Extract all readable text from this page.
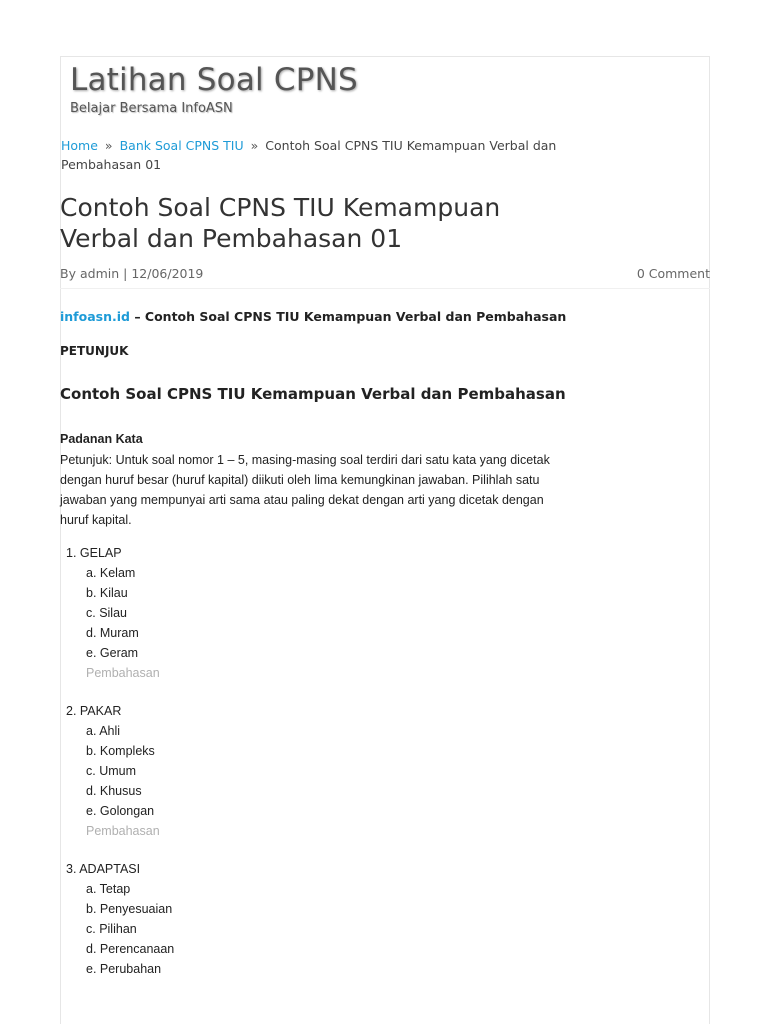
Latihan Soal CPNS
Belajar Bersama InfoASN
Home » Bank Soal CPNS TIU » Contoh Soal CPNS TIU Kemampuan Verbal dan Pembahasan 01
Contoh Soal CPNS TIU Kemampuan Verbal dan Pembahasan 01
By admin | 12/06/2019	0 Comment
infoasn.id – Contoh Soal CPNS TIU Kemampuan Verbal dan Pembahasan
PETUNJUK
Contoh Soal CPNS TIU Kemampuan Verbal dan Pembahasan
Padanan Kata

Petunjuk: Untuk soal nomor 1 – 5, masing-masing soal terdiri dari satu kata yang dicetak dengan huruf besar (huruf kapital) diikuti oleh lima kemungkinan jawaban. Pilihlah satu jawaban yang mempunyai arti sama atau paling dekat dengan arti yang dicetak dengan huruf kapital.

1. GELAP
a. Kelam
b. Kilau
c. Silau
d. Muram
e. Geram
Pembahasan
2. PAKAR
a. Ahli
b. Kompleks
c. Umum
d. Khusus
e. Golongan
Pembahasan
3. ADAPTASI
a. Tetap
b. Penyesuaian
c. Pilihan
d. Perencanaan
e. Perubahan
